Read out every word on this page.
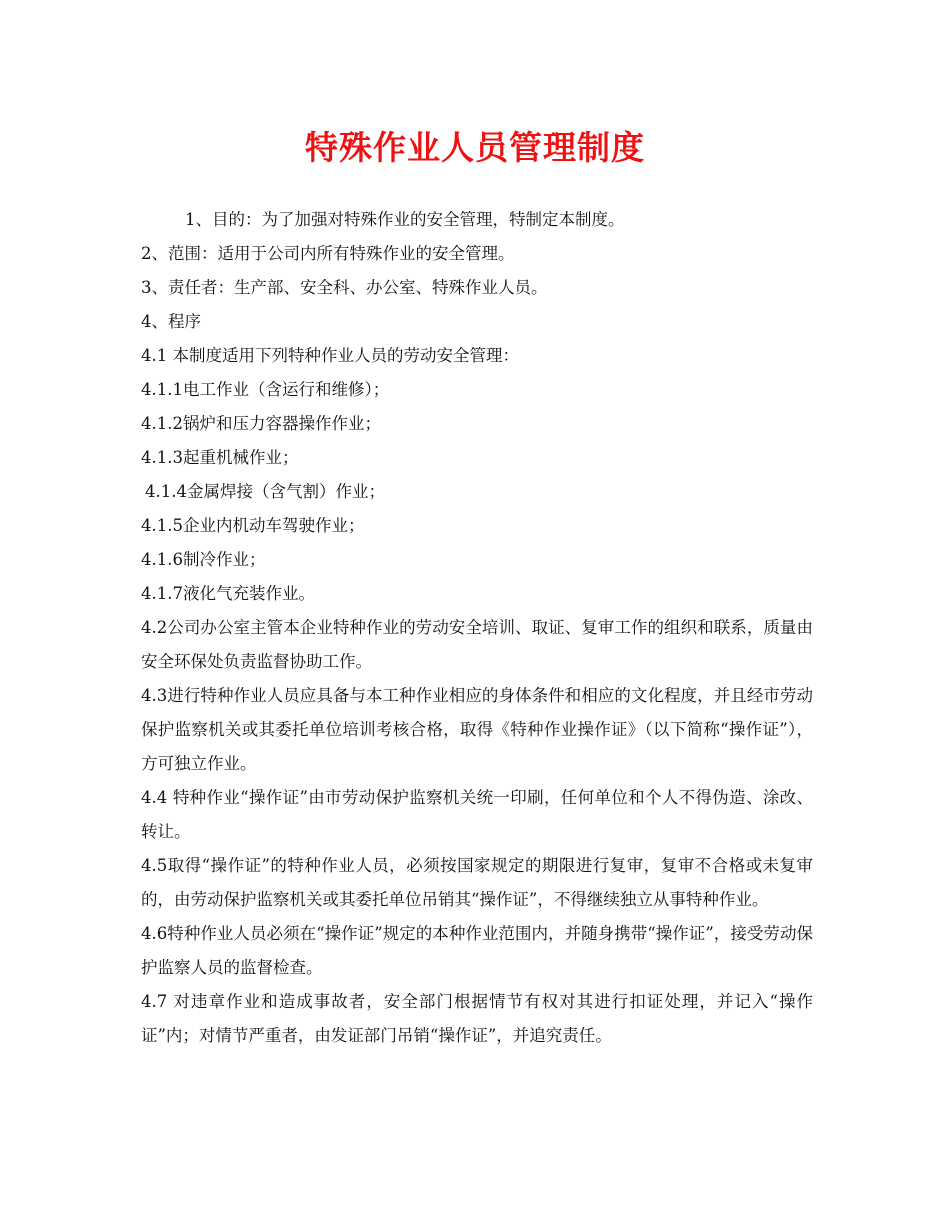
特殊作业人员管理制度

1、目的：为了加强对特殊作业的安全管理，特制定本制度。

2、范围：适用于公司内所有特殊作业的安全管理。

3、责任者：生产部、安全科、办公室、特殊作业人员。

4、程序

4.1 本制度适用下列特种作业人员的劳动安全管理：

4.1.1电工作业（含运行和维修）；

4.1.2锅炉和压力容器操作作业；

4.1.3起重机械作业；

4.1.4金属焊接（含气割）作业；

4.1.5企业内机动车驾驶作业；

4.1.6制冷作业；

4.1.7液化气充装作业。

4.2公司办公室主管本企业特种作业的劳动安全培训、取证、复审工作的组织和联系，质量由安全环保处负责监督协助工作。

4.3进行特种作业人员应具备与本工种作业相应的身体条件和相应的文化程度，并且经市劳动保护监察机关或其委托单位培训考核合格，取得《特种作业操作证》（以下简称“操作证”），方可独立作业。

4.4 特种作业“操作证”由市劳动保护监察机关统一印刷，任何单位和个人不得伪造、涂改、转让。

4.5取得“操作证”的特种作业人员，必须按国家规定的期限进行复审，复审不合格或未复审的，由劳动保护监察机关或其委托单位吊销其“操作证”，不得继续独立从事特种作业。

4.6特种作业人员必须在“操作证”规定的本种作业范围内，并随身携带“操作证”，接受劳动保护监察人员的监督检查。

4.7 对违章作业和造成事故者，安全部门根据情节有权对其进行扣证处理，并记入“操作证”内；对情节严重者，由发证部门吊销“操作证”，并追究责任。
